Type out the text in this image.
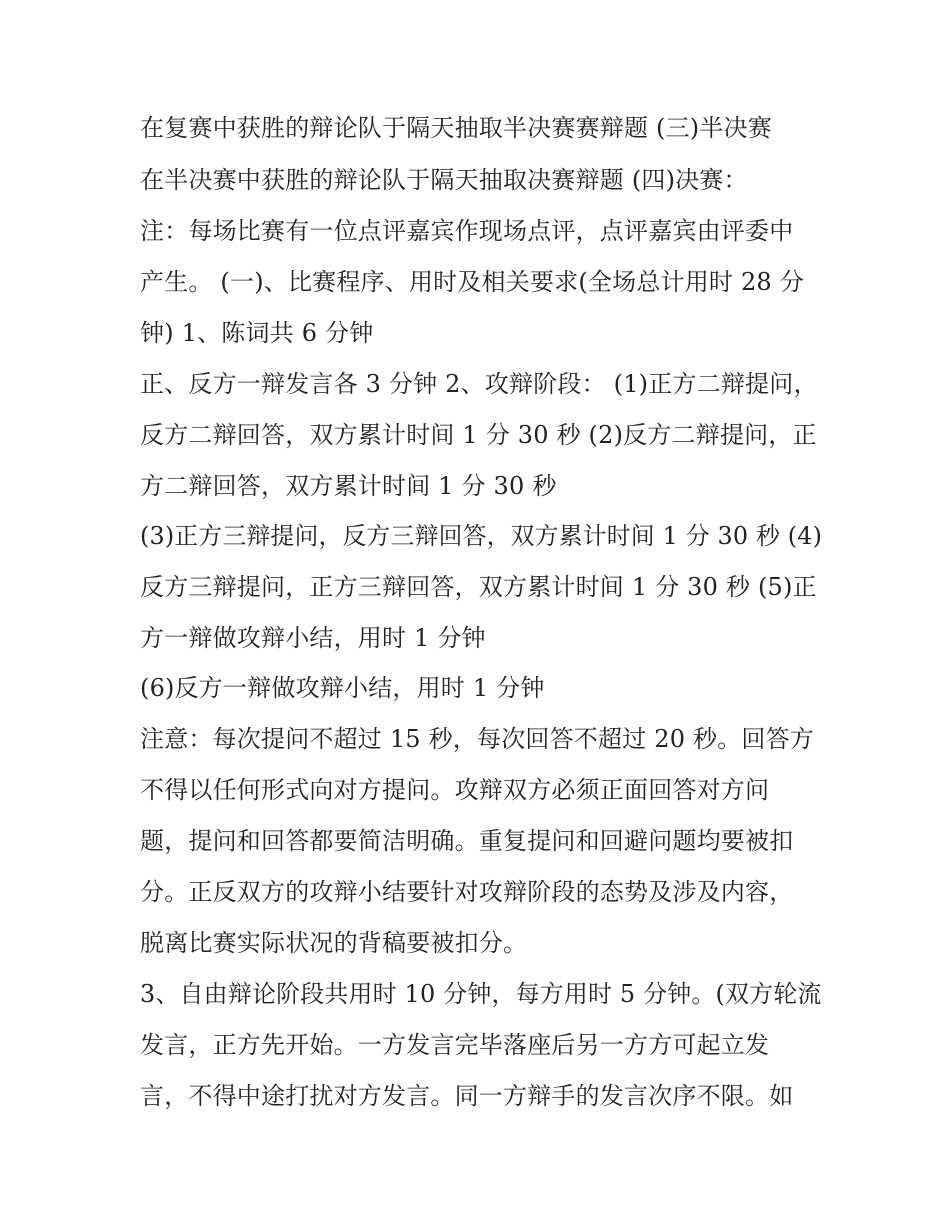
在复赛中获胜的辩论队于隔天抽取半决赛赛辩题 (三)半决赛
在半决赛中获胜的辩论队于隔天抽取决赛辩题 (四)决赛：
注：每场比赛有一位点评嘉宾作现场点评，点评嘉宾由评委中
产生。 (一)、比赛程序、用时及相关要求(全场总计用时 28 分
钟) 1、陈词共 6 分钟
正、反方一辩发言各 3 分钟 2、攻辩阶段： (1)正方二辩提问，
反方二辩回答，双方累计时间 1 分 30 秒 (2)反方二辩提问，正
方二辩回答，双方累计时间 1 分 30 秒
(3)正方三辩提问，反方三辩回答，双方累计时间 1 分 30 秒 (4)
反方三辩提问，正方三辩回答，双方累计时间 1 分 30 秒 (5)正
方一辩做攻辩小结，用时 1 分钟
(6)反方一辩做攻辩小结，用时 1 分钟
注意：每次提问不超过 15 秒，每次回答不超过 20 秒。回答方
不得以任何形式向对方提问。攻辩双方必须正面回答对方问
题，提问和回答都要简洁明确。重复提问和回避问题均要被扣
分。正反双方的攻辩小结要针对攻辩阶段的态势及涉及内容，
脱离比赛实际状况的背稿要被扣分。
3、自由辩论阶段共用时 10 分钟，每方用时 5 分钟。(双方轮流
发言，正方先开始。一方发言完毕落座后另一方方可起立发
言，不得中途打扰对方发言。同一方辩手的发言次序不限。如
